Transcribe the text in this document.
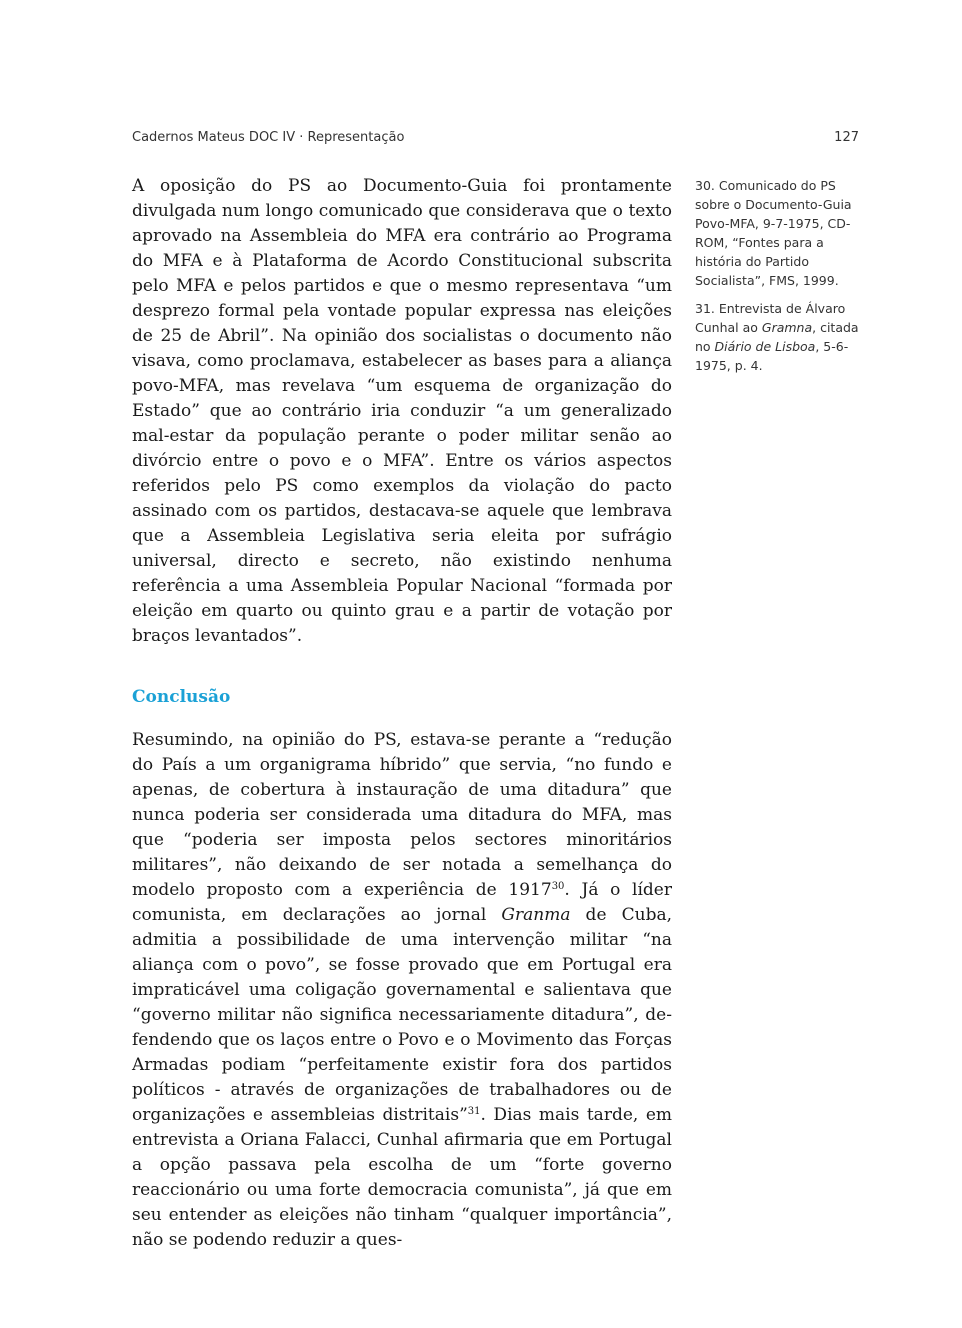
Cadernos Mateus DOC IV · Representação	127

A oposição do PS ao Documento-Guia foi prontamente divulgada num longo comunicado que considerava que o texto aprovado na Assembleia do MFA era contrário ao Programa do MFA e à Plataforma de Acordo Constitucional subscrita pelo MFA e pelos partidos e que o mesmo representava “um desprezo formal pela vontade popular expressa nas eleições de 25 de Abril”. Na opinião dos socialistas o documento não visava, como proclamava, estabelecer as bases para a aliança povo-MFA, mas revelava “um esquema de organização do Estado” que ao contrário iria conduzir “a um generalizado mal-estar da população perante o poder militar senão ao divórcio entre o povo e o MFA”. Entre os vários aspectos referidos pelo PS como exemplos da violação do pacto assinado com os partidos, destacava-se aquele que lembrava que a Assembleia Legislativa seria eleita por sufrágio universal, directo e secreto, não existindo nenhuma referência a uma Assembleia Popular Nacional “formada por eleição em quarto ou quinto grau e a partir de votação por braços levantados”.

Conclusão

Resumindo, na opinião do PS, estava-se perante a “redução do País a um organigrama híbrido” que servia, “no fundo e apenas, de cobertura à instauração de uma ditadura” que nunca poderia ser considerada uma ditadura do MFA, mas que “poderia ser imposta pelos sectores minoritários militares”, não deixando de ser notada a semelhança do modelo proposto com a experiência de 1917$^{30}$. Já o líder comunista, em declarações ao jornal Granma de Cuba, admitia a possibilidade de uma intervenção militar “na aliança com o povo”, se fosse provado que em Portugal era impraticável uma coligação governamental e salientava que “governo militar não significa necessariamente ditadura”, defendendo que os laços entre o Povo e o Movimento das Forças Armadas podiam “perfeitamente existir fora dos partidos políticos - através de organizações de trabalhadores ou de organizações e assembleias distritais”$^{31}$. Dias mais tarde, em entrevista a Oriana Falacci, Cunhal afirmaria que em Portugal a opção passava pela escolha de um “forte governo reaccionário ou uma forte democracia comunista”, já que em seu entender as eleições não tinham “qualquer importância”, não se podendo reduzir a ques-

30. Comunicado do PS sobre o Documento-Guia Povo-MFA, 9-7-1975, CD-ROM, “Fontes para a história do Partido Socialista”, FMS, 1999.

31. Entrevista de Álvaro Cunhal ao Gramna, citada no Diário de Lisboa, 5-6-1975, p. 4.
